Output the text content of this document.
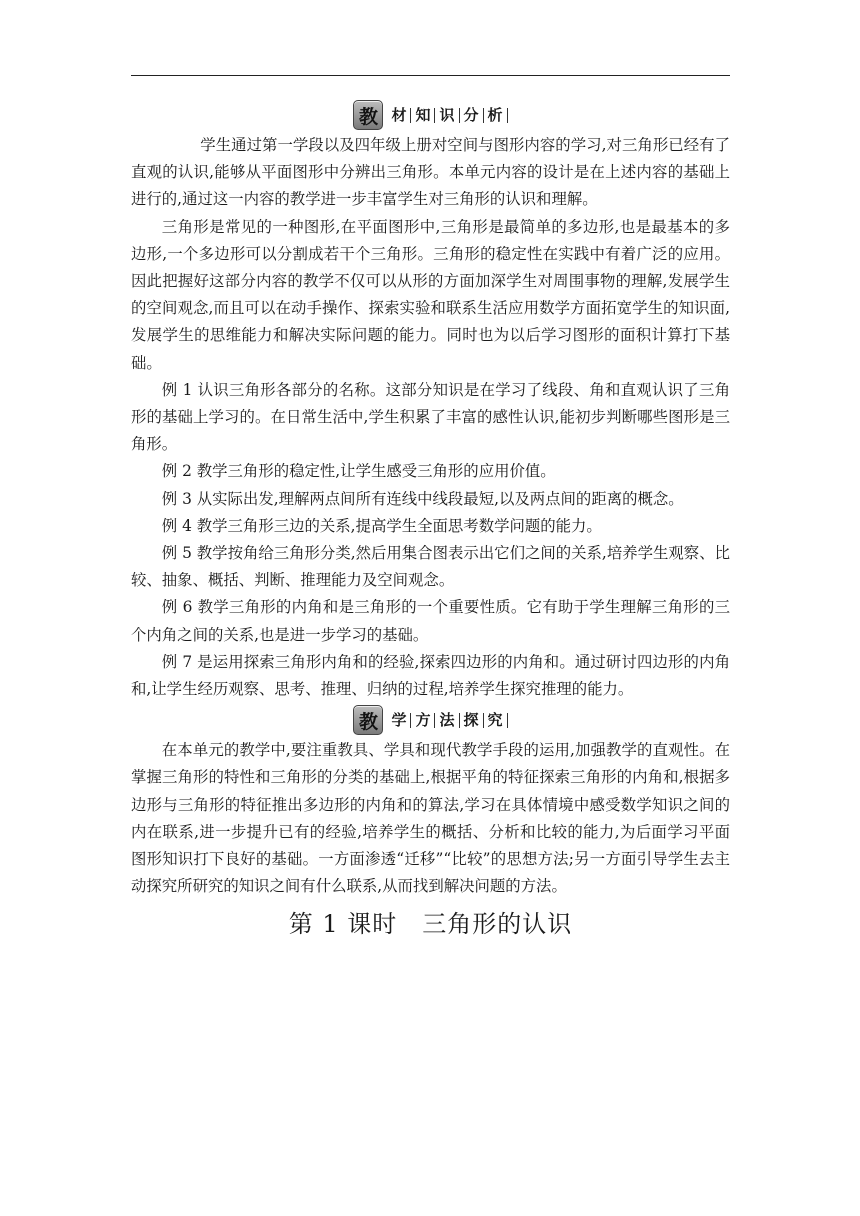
教 材 知 识 分 析

学生通过第一学段以及四年级上册对空间与图形内容的学习,对三角形已经有了直观的认识,能够从平面图形中分辨出三角形。本单元内容的设计是在上述内容的基础上进行的,通过这一内容的教学进一步丰富学生对三角形的认识和理解。

三角形是常见的一种图形,在平面图形中,三角形是最简单的多边形,也是最基本的多边形,一个多边形可以分割成若干个三角形。三角形的稳定性在实践中有着广泛的应用。因此把握好这部分内容的教学不仅可以从形的方面加深学生对周围事物的理解,发展学生的空间观念,而且可以在动手操作、探索实验和联系生活应用数学方面拓宽学生的知识面,发展学生的思维能力和解决实际问题的能力。同时也为以后学习图形的面积计算打下基础。

例 1 认识三角形各部分的名称。这部分知识是在学习了线段、角和直观认识了三角形的基础上学习的。在日常生活中,学生积累了丰富的感性认识,能初步判断哪些图形是三角形。

例 2 教学三角形的稳定性,让学生感受三角形的应用价值。

例 3 从实际出发,理解两点间所有连线中线段最短,以及两点间的距离的概念。

例 4 教学三角形三边的关系,提高学生全面思考数学问题的能力。

例 5 教学按角给三角形分类,然后用集合图表示出它们之间的关系,培养学生观察、比较、抽象、概括、判断、推理能力及空间观念。

例 6 教学三角形的内角和是三角形的一个重要性质。它有助于学生理解三角形的三个内角之间的关系,也是进一步学习的基础。

例 7 是运用探索三角形内角和的经验,探索四边形的内角和。通过研讨四边形的内角和,让学生经历观察、思考、推理、归纳的过程,培养学生探究推理的能力。

教 学 方 法 探 究

在本单元的教学中,要注重教具、学具和现代教学手段的运用,加强教学的直观性。在掌握三角形的特性和三角形的分类的基础上,根据平角的特征探索三角形的内角和,根据多边形与三角形的特征推出多边形的内角和的算法,学习在具体情境中感受数学知识之间的内在联系,进一步提升已有的经验,培养学生的概括、分析和比较的能力,为后面学习平面图形知识打下良好的基础。一方面渗透“迁移”“比较”的思想方法;另一方面引导学生去主动探究所研究的知识之间有什么联系,从而找到解决问题的方法。

第 1 课时　三角形的认识
